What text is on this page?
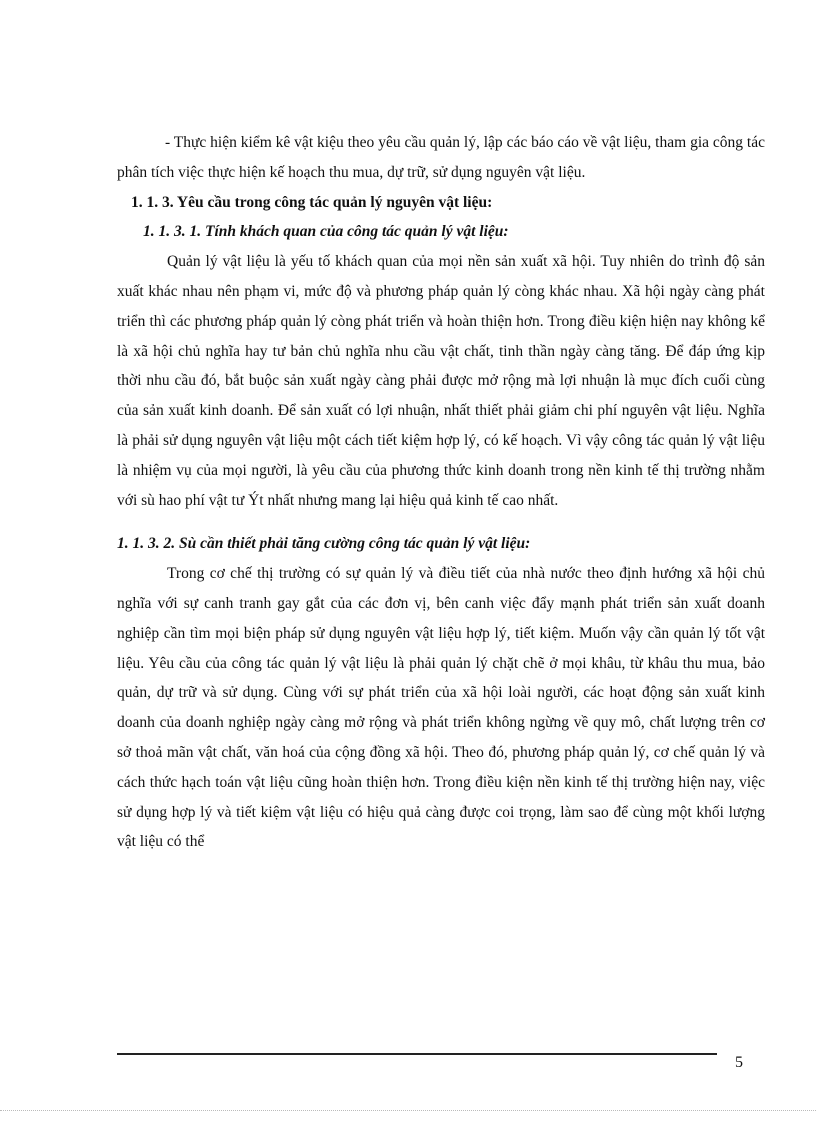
- Thực hiện kiểm kê vật kiệu theo yêu cầu quản lý, lập các báo cáo về vật liệu, tham gia công tác phân tích việc thực hiện kế hoạch thu mua, dự trữ, sử dụng nguyên vật liệu.

1. 1. 3. Yêu cầu trong công tác quản lý nguyên vật liệu:

1. 1. 3. 1. Tính khách quan của công tác quản lý vật liệu:

Quản lý vật liệu là yếu tố khách quan của mọi nền sản xuất xã hội. Tuy nhiên do trình độ sản xuất khác nhau nên phạm vi, mức độ và phương pháp quản lý còng khác nhau. Xã hội ngày càng phát triển thì các phương pháp quản lý còng phát triển và hoàn thiện hơn. Trong điều kiện hiện nay không kể là xã hội chủ nghĩa hay tư bản chủ nghĩa nhu cầu vật chất, tinh thần ngày càng tăng. Để đáp ứng kịp thời nhu cầu đó, bắt buộc sản xuất ngày càng phải được mở rộng mà lợi nhuận là mục đích cuối cùng của sản xuất kinh doanh. Để sản xuất có lợi nhuận, nhất thiết phải giảm chi phí nguyên vật liệu. Nghĩa là phải sử dụng nguyên vật liệu một cách tiết kiệm hợp lý, có kế hoạch. Vì vậy công tác quản lý vật liệu là nhiệm vụ của mọi người, là yêu cầu của phương thức kinh doanh trong nền kinh tế thị trường nhằm với sù hao phí vật tư Ýt nhất nhưng mang lại hiệu quả kinh tế cao nhất.

1. 1. 3. 2. Sù cần thiết phải tăng cường công tác quản lý vật liệu:

Trong cơ chế thị trường có sự quản lý và điều tiết của nhà nước theo định hướng xã hội chủ nghĩa với sự canh tranh gay gắt của các đơn vị, bên canh việc đẩy mạnh phát triển sản xuất doanh nghiệp cần tìm mọi biện pháp sử dụng nguyên vật liệu hợp lý, tiết kiệm. Muốn vậy cần quản lý tốt vật liệu. Yêu cầu của công tác quản lý vật liệu là phải quản lý chặt chẽ ở mọi khâu, từ khâu thu mua, bảo quản, dự trữ và sử dụng. Cùng với sự phát triển của xã hội loài người, các hoạt động sản xuất kinh doanh của doanh nghiệp ngày càng mở rộng và phát triển không ngừng về quy mô, chất lượng trên cơ sở thoả mãn vật chất, văn hoá của cộng đồng xã hội. Theo đó, phương pháp quản lý, cơ chế quản lý và cách thức hạch toán vật liệu cũng hoàn thiện hơn. Trong điều kiện nền kinh tế thị trường hiện nay, việc sử dụng hợp lý và tiết kiệm vật liệu có hiệu quả càng được coi trọng, làm sao để cùng một khối lượng vật liệu có thể

5
